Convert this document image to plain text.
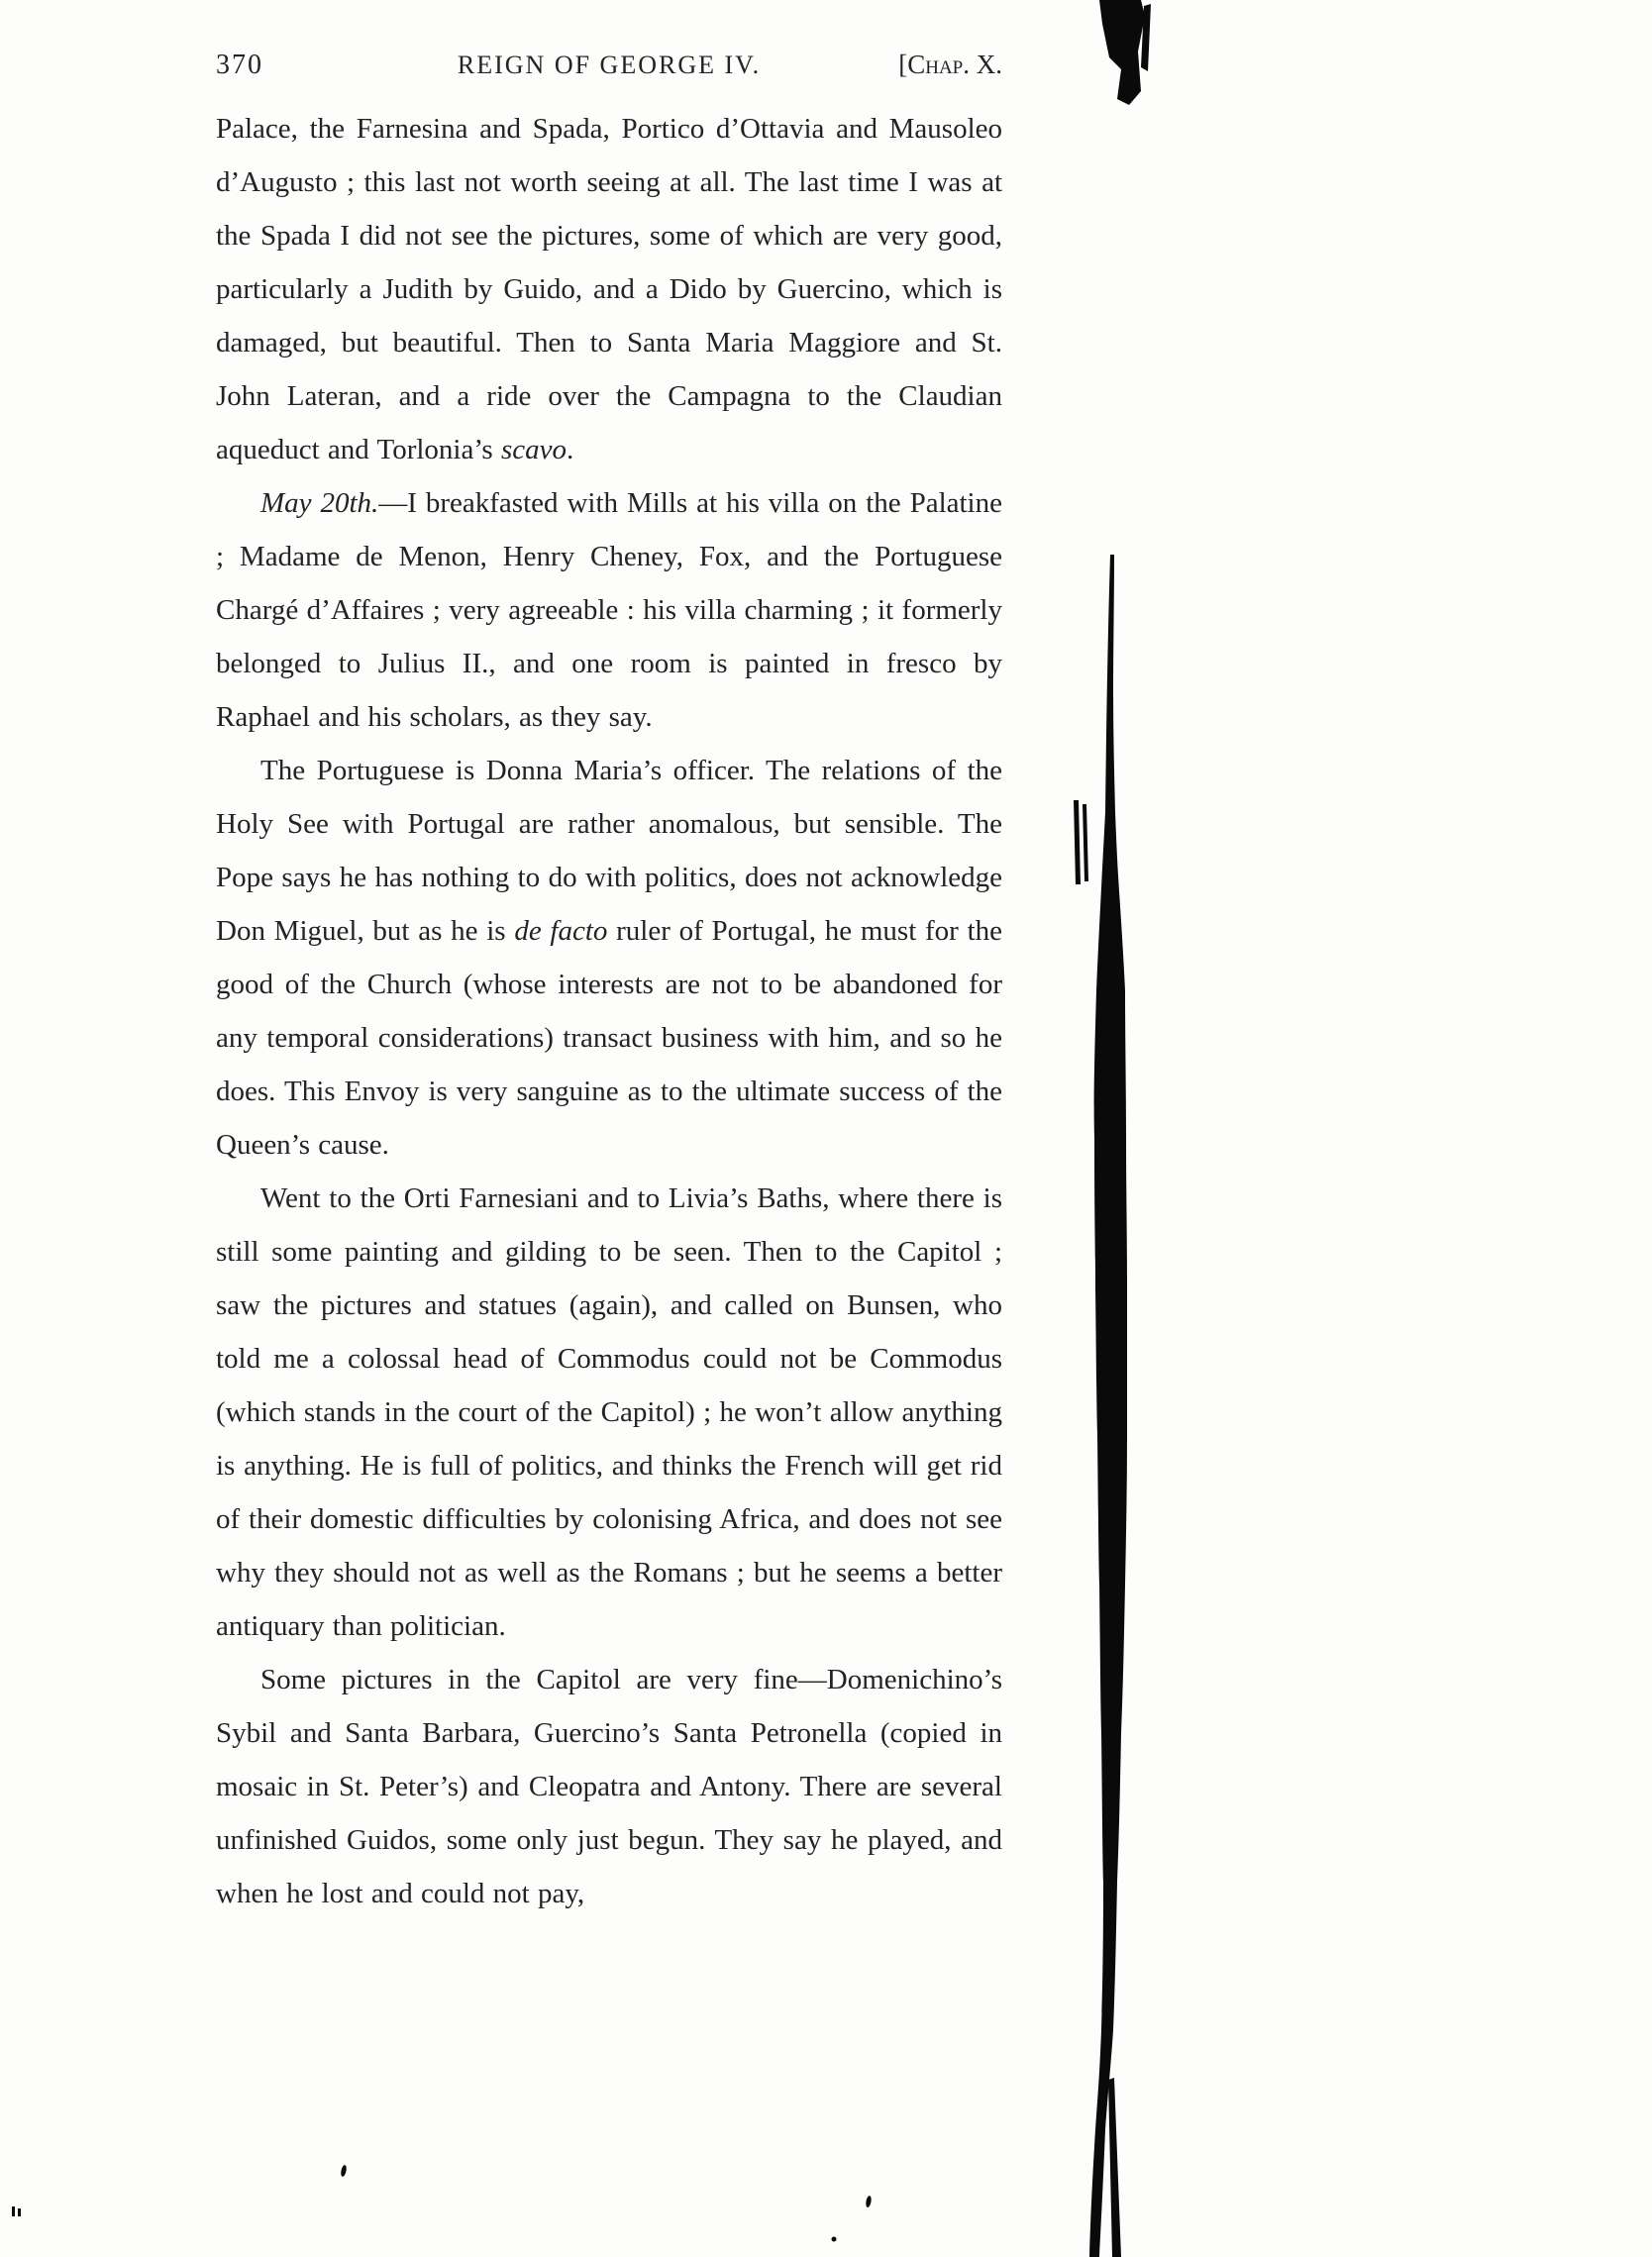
370	REIGN OF GEORGE IV.	[Chap. X.

Palace, the Farnesina and Spada, Portico d’Ottavia and Mausoleo d’Augusto ; this last not worth seeing at all. The last time I was at the Spada I did not see the pictures, some of which are very good, particularly a Judith by Guido, and a Dido by Guercino, which is damaged, but beautiful. Then to Santa Maria Maggiore and St. John Lateran, and a ride over the Campagna to the Claudian aqueduct and Torlonia’s scavo.

May 20th.—I breakfasted with Mills at his villa on the Palatine ; Madame de Menon, Henry Cheney, Fox, and the Portuguese Chargé d’Affaires ; very agreeable : his villa charming ; it formerly belonged to Julius II., and one room is painted in fresco by Raphael and his scholars, as they say.

The Portuguese is Donna Maria’s officer. The relations of the Holy See with Portugal are rather anomalous, but sensible. The Pope says he has nothing to do with politics, does not acknowledge Don Miguel, but as he is de facto ruler of Portugal, he must for the good of the Church (whose interests are not to be abandoned for any temporal considerations) transact business with him, and so he does. This Envoy is very sanguine as to the ultimate success of the Queen’s cause.

Went to the Orti Farnesiani and to Livia’s Baths, where there is still some painting and gilding to be seen. Then to the Capitol ; saw the pictures and statues (again), and called on Bunsen, who told me a colossal head of Commodus could not be Commodus (which stands in the court of the Capitol) ; he won’t allow anything is anything. He is full of politics, and thinks the French will get rid of their domestic difficulties by colonising Africa, and does not see why they should not as well as the Romans ; but he seems a better antiquary than politician.

Some pictures in the Capitol are very fine—Domenichino’s Sybil and Santa Barbara, Guercino’s Santa Petronella (copied in mosaic in St. Peter’s) and Cleopatra and Antony. There are several unfinished Guidos, some only just begun. They say he played, and when he lost and could not pay,
